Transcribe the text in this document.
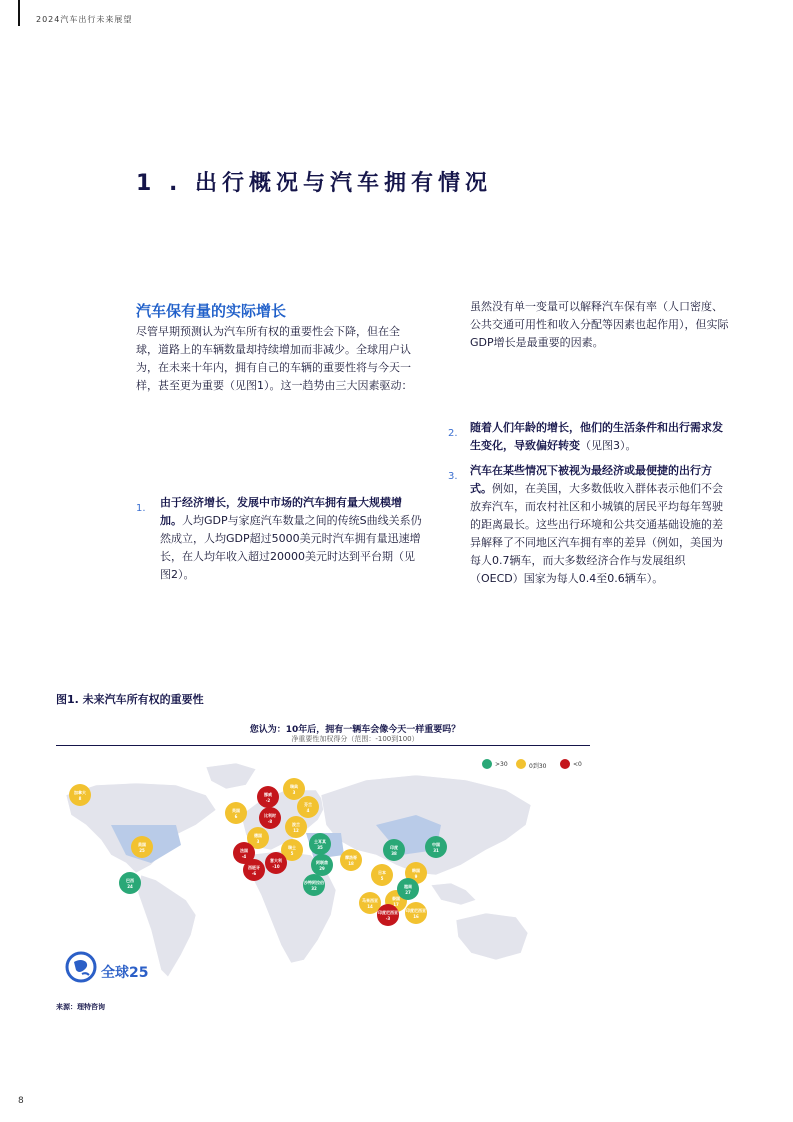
2024汽车出行未来展望
1 . 出行概况与汽车拥有情况
汽车保有量的实际增长
尽管早期预测认为汽车所有权的重要性会下降，但在全球，道路上的车辆数量却持续增加而非减少。全球用户认为，在未来十年内，拥有自己的车辆的重要性将与今天一样，甚至更为重要（见图1）。这一趋势由三大因素驱动：
虽然没有单一变量可以解释汽车保有率（人口密度、公共交通可用性和收入分配等因素也起作用），但实际GDP增长是最重要的因素。
1.	由于经济增长，发展中市场的汽车拥有量大规模增加。人均GDP与家庭汽车数量之间的传统S曲线关系仍然成立，人均GDP超过5000美元时汽车拥有量迅速增长，在人均年收入超过20000美元时达到平台期（见图2）。
2.	随着人们年龄的增长，他们的生活条件和出行需求发生变化，导致偏好转变（见图3）。
3.	汽车在某些情况下被视为最经济或最便捷的出行方式。例如，在美国，大多数低收入群体表示他们不会放弃汽车，而农村社区和小城镇的居民平均每年驾驶的距离最长。这些出行环境和公共交通基础设施的差异解释了不同地区汽车拥有率的差异（例如，美国为每人0.7辆车，而大多数经济合作与发展组织（OECD）国家为每人0.4至0.6辆车）。
图1. 未来汽车所有权的重要性
您认为：10年后，拥有一辆车会像今天一样重要吗？
净重要性加权得分（范围：-100到100）
>30	0到30	<0
加拿大
8
美国
25
英国
6
挪威
-2
瑞典
3
芬兰
4
波兰
12
比利时
-8
德国
3
法国
-4
瑞士
5
西班牙
-6
意大利
-10
土耳其
35
阿联酋
29
沙特阿拉伯
32
摩洛哥
18
印度
38
中国
31
韩国
9
日本
5
泰国
17
越南
27
马来西亚
14
印度尼西亚
-3
印度尼西亚
16
巴西
24
全球25
来源：理特咨询
8
